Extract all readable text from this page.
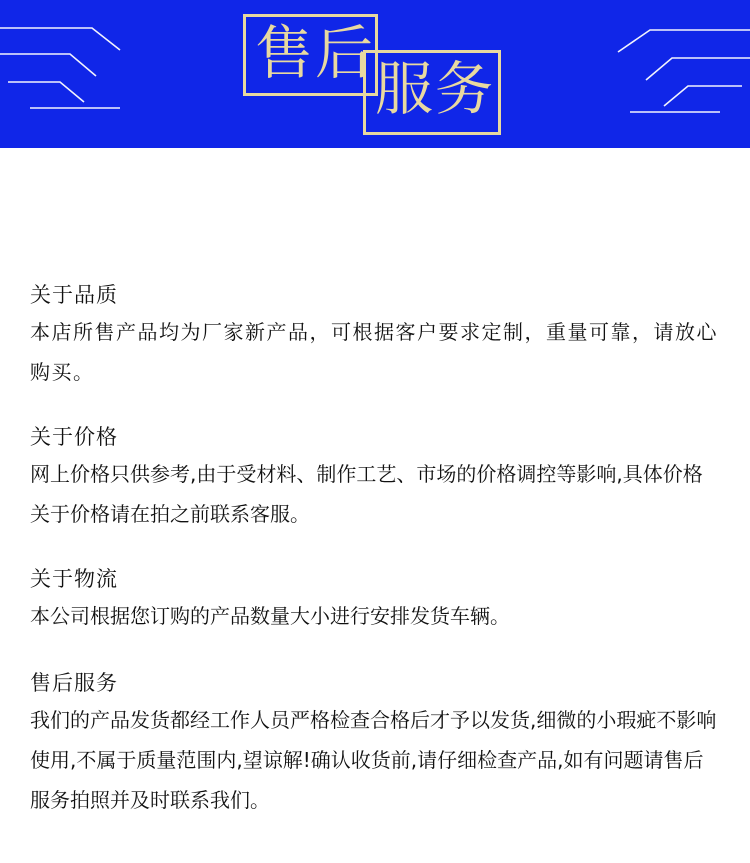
售 后
服 务
关于品质
本店所售产品均为厂家新产品，可根据客户要求定制，重量可靠，请放心购买。
关于价格
网上价格只供参考,由于受材料、制作工艺、市场的价格调控等影响,具体价格关于价格请在拍之前联系客服。
关于物流
本公司根据您订购的产品数量大小进行安排发货车辆。
售后服务
我们的产品发货都经工作人员严格检查合格后才予以发货,细微的小瑕疵不影响使用,不属于质量范围内,望谅解!确认收货前,请仔细检查产品,如有问题请售后服务拍照并及时联系我们。
